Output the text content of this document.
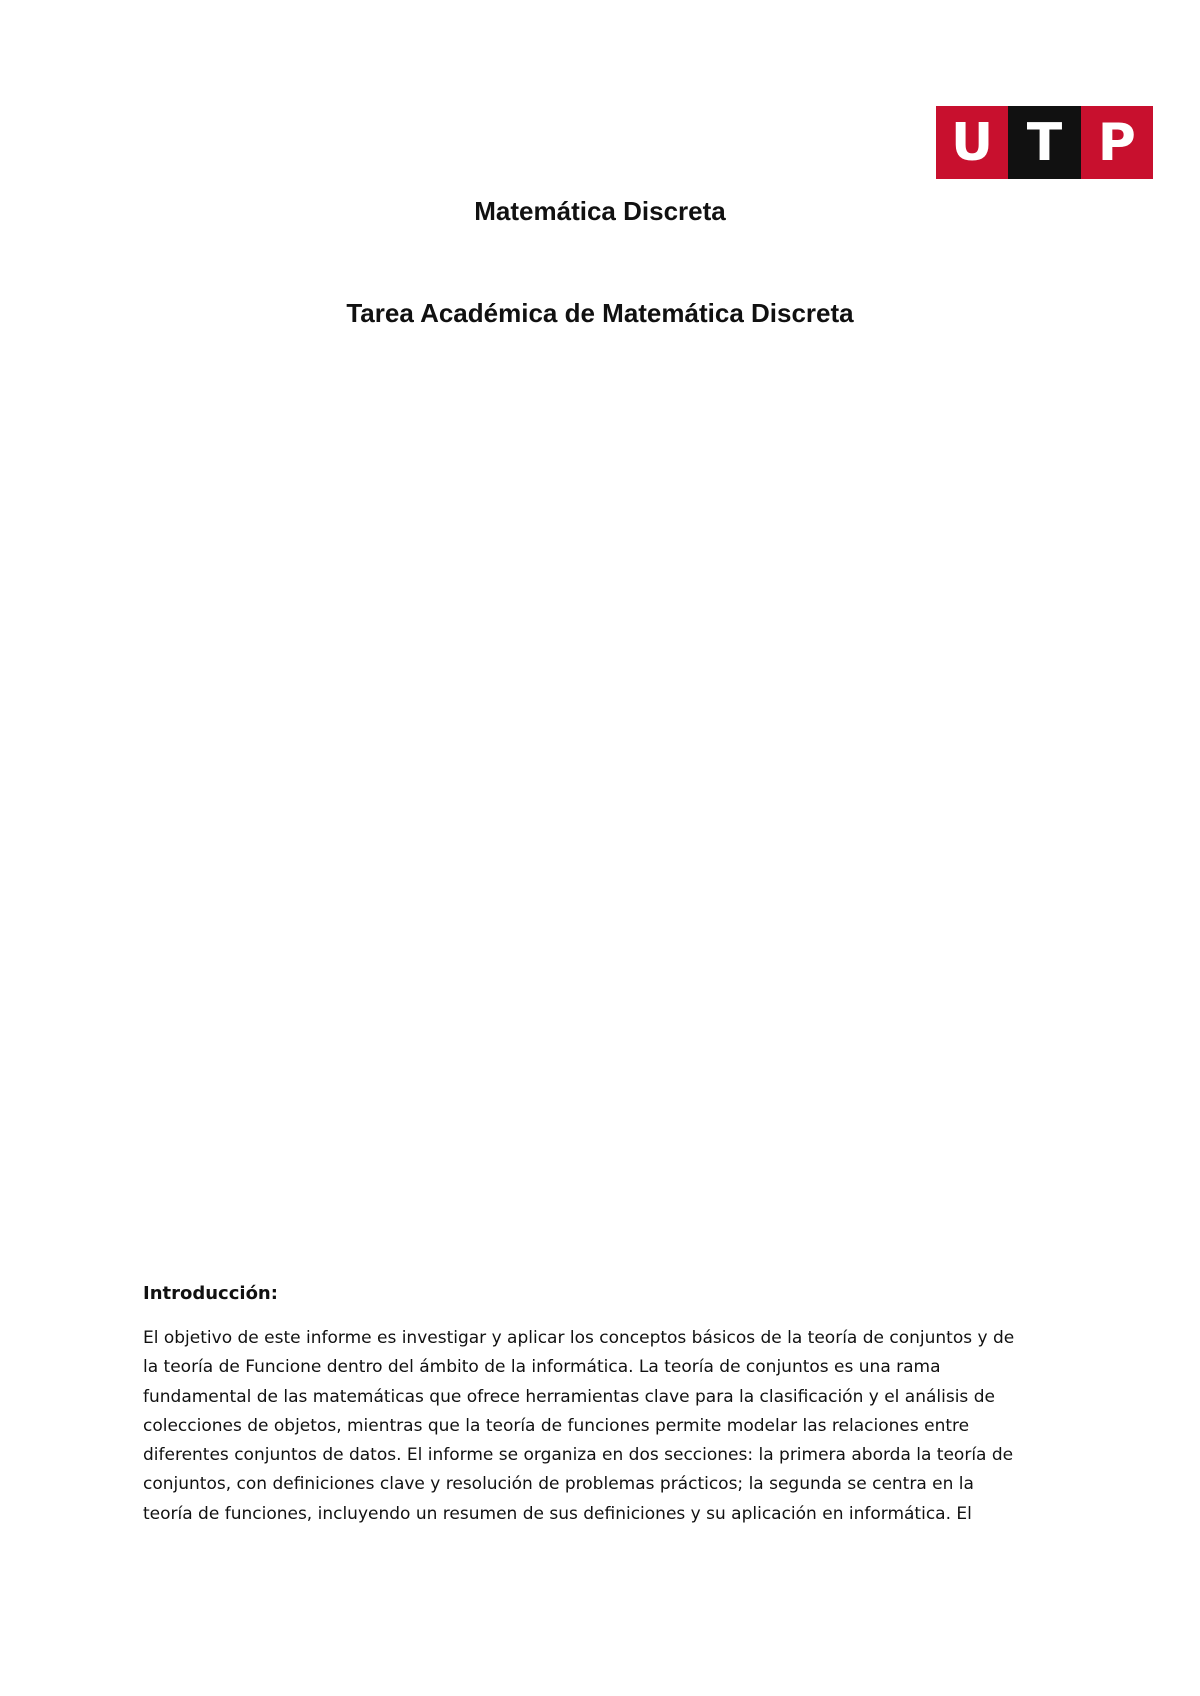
U T P
Matemática Discreta
Tarea Académica de Matemática Discreta
Introducción:
El objetivo de este informe es investigar y aplicar los conceptos básicos de la teoría de conjuntos y de
la teoría de Funcione dentro del ámbito de la informática. La teoría de conjuntos es una rama
fundamental de las matemáticas que ofrece herramientas clave para la clasificación y el análisis de
colecciones de objetos, mientras que la teoría de funciones permite modelar las relaciones entre
diferentes conjuntos de datos. El informe se organiza en dos secciones: la primera aborda la teoría de
conjuntos, con definiciones clave y resolución de problemas prácticos; la segunda se centra en la
teoría de funciones, incluyendo un resumen de sus definiciones y su aplicación en informática. El
